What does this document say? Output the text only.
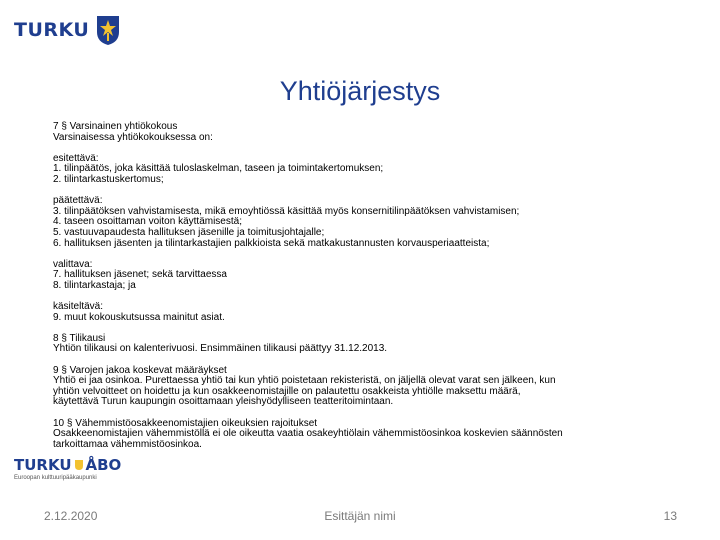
TURKU
Yhtiöjärjestys
7 § Varsinainen yhtiökokous
Varsinaisessa yhtiökokouksessa on:
esitettävä:
1. tilinpäätös, joka käsittää tuloslaskelman, taseen ja toimintakertomuksen;
2. tilintarkastuskertomus;
päätettävä:
3. tilinpäätöksen vahvistamisesta, mikä emoyhtiössä käsittää myös konsernitilinpäätöksen vahvistamisen;
4. taseen osoittaman voiton käyttämisestä;
5. vastuuvapaudesta hallituksen jäsenille ja toimitusjohtajalle;
6. hallituksen jäsenten ja tilintarkastajien palkkioista sekä matkakustannusten korvausperiaatteista;
valittava:
7. hallituksen jäsenet; sekä tarvittaessa
8. tilintarkastaja; ja
käsiteltävä:
9. muut kokouskutsussa mainitut asiat.
8 § Tilikausi
Yhtiön tilikausi on kalenterivuosi. Ensimmäinen tilikausi päättyy 31.12.2013.
9 § Varojen jakoa koskevat määräykset
Yhtiö ei jaa osinkoa. Purettaessa yhtiö tai kun yhtiö poistetaan rekisteristä, on jäljellä olevat varat sen jälkeen, kun
yhtiön velvoitteet on hoidettu ja kun osakkeenomistajille on palautettu osakkeista yhtiölle maksettu määrä,
käytettävä Turun kaupungin osoittamaan yleishyödylliseen teatteritoimintaan.
10 § Vähemmistöosakkeenomistajien oikeuksien rajoitukset
Osakkeenomistajien vähemmistöllä ei ole oikeutta vaatia osakeyhtiölain vähemmistöosinkoa koskevien säännösten
tarkoittamaa vähemmistöosinkoa.
TURKU ÅBO
Euroopan kulttuuripääkaupunki
2.12.2020	Esittäjän nimi	13
